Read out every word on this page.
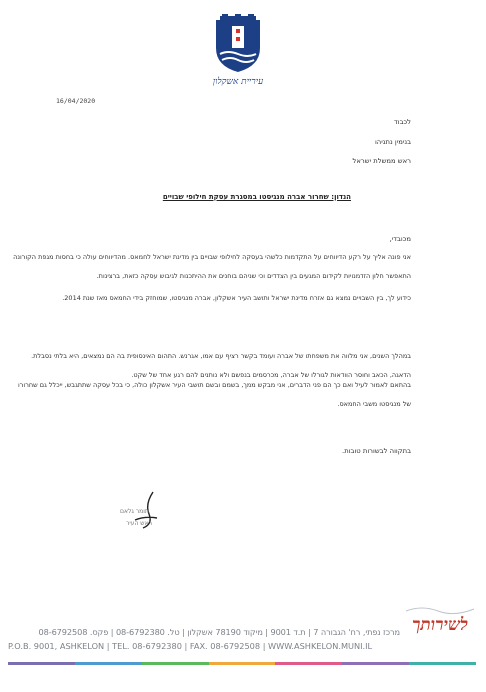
עיריית אשקלון
16/04/2020
לכבוד
בנימין נתניהו
ראש ממשלת ישראל
הנדון: שחרור אברה מנגיסטו במסגרת עסקת חילופי שבויים
מכובדי,
אני פונה אליך על רקע הדיווחים על התקדמות כלשהי בעסקה לחילופי שבויים בין מדינת ישראל לחמאס. מהדיווחים עולה כי בחסות מגפת הקורונה התאפשר חלון הזדמנויות לקידום המגעים בין הצדדים וכי שניהם בוחנים את ההיתכנות לגיבוש עסקה כזאת, ברצינות.
כידוע לך, בין השבויים נמצא גם אזרח מדינת ישראל ותושב העיר אשקלון, אברה מנגיסטו, שמוחזק בידי החמאס מאז שנת 2014.
במהלך השנים, אני מלווה את משפחתו של אברה ועומד בקשר רציף עם אמו, אגרנש. התהום האינסופית בה הם נמצאים, היא בלתי נסבלת. הדאגה, הכאב וחוסר הוודאות לגורלו של אברה, מכרסמים בנפשם ולא נותנים להם רגע אחד של שקט.
בהתאם לאמור לעיל ואם כך הם פני הדברים, אני מבקש ממך, בשמם ובשם תושבי העיר אשקלון כולה, כי בכל עסקה שתתגבש, ייכלל גם שחרורו של מנגיסטו משבי החמאס.
בתקווה לבשורות טובות.
תומר גלאם
ראש העיר
מרכז נפתי, רח' הגבורה 7 | ת.ד 9001 | מיקוד 78190 אשקלון | טל. 08-6792380 | פקס. 08-6792508
P.O.B. 9001, ASHKELON | TEL. 08-6792380 | FAX. 08-6792508 | WWW.ASHKELON.MUNI.IL
לשירותך
